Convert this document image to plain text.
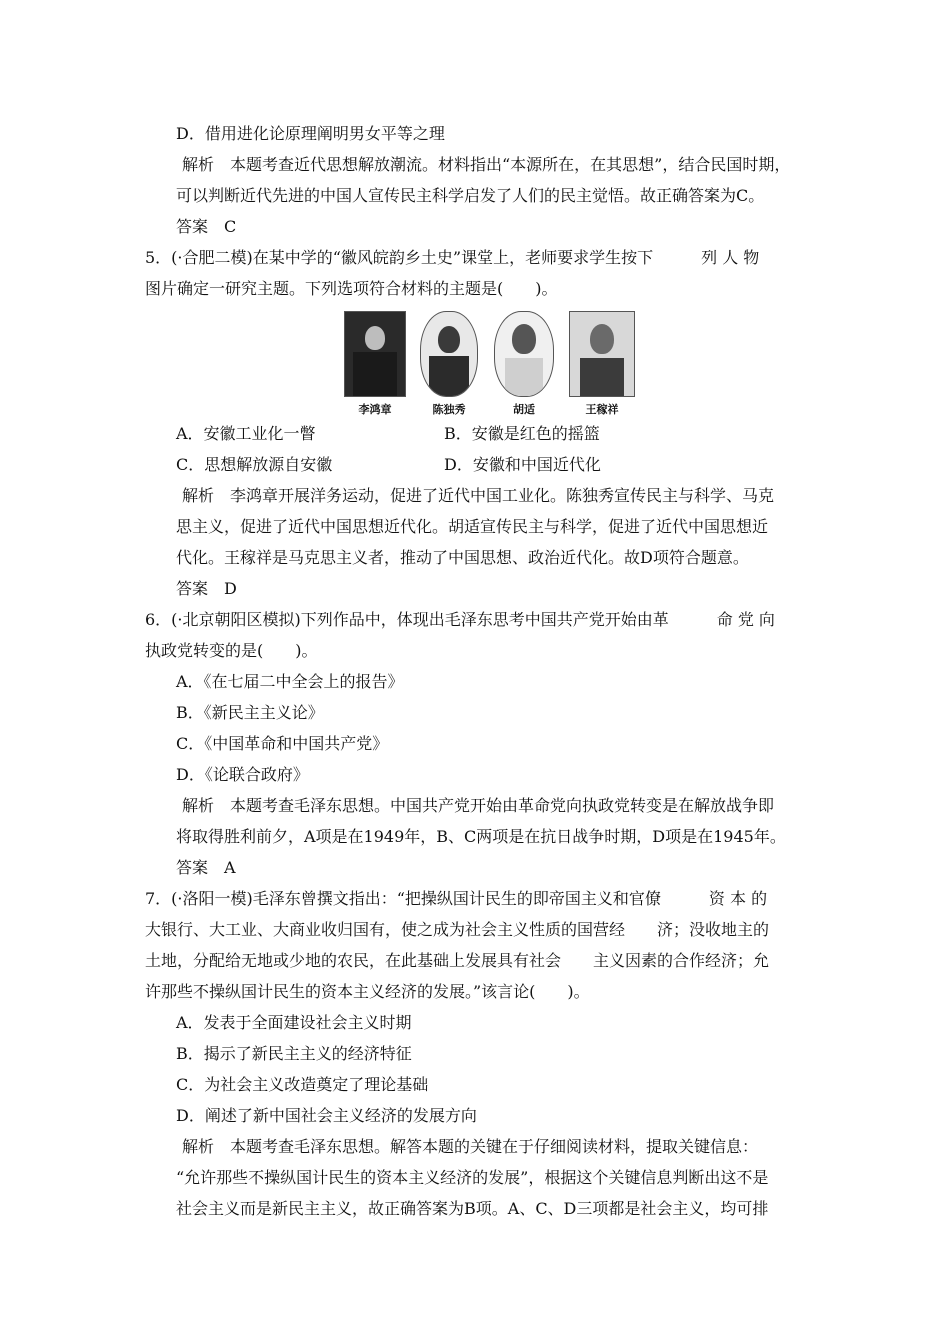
D．借用进化论原理阐明男女平等之理
解析　本题考查近代思想解放潮流。材料指出“本源所在，在其思想”，结合民国时期，
可以判断近代先进的中国人宣传民主科学启发了人们的民主觉悟。故正确答案为C。
答案　C
5．(·合肥二模)在某中学的“徽风皖韵乡土史”课堂上，老师要求学生按下　　　列 人 物
图片确定一研究主题。下列选项符合材料的主题是(　　)。
李鸿章	陈独秀	胡适	王稼祥
A．安徽工业化一瞥	B．安徽是红色的摇篮
C．思想解放源自安徽	D．安徽和中国近代化
解析　李鸿章开展洋务运动，促进了近代中国工业化。陈独秀宣传民主与科学、马克
思主义，促进了近代中国思想近代化。胡适宣传民主与科学，促进了近代中国思想近
代化。王稼祥是马克思主义者，推动了中国思想、政治近代化。故D项符合题意。
答案　D
6．(·北京朝阳区模拟)下列作品中，体现出毛泽东思考中国共产党开始由革　　　命 党 向
执政党转变的是(　　)。
A．《在七届二中全会上的报告》
B．《新民主主义论》
C．《中国革命和中国共产党》
D．《论联合政府》
解析　本题考查毛泽东思想。中国共产党开始由革命党向执政党转变是在解放战争即
将取得胜利前夕，A项是在1949年，B、C两项是在抗日战争时期，D项是在1945年。
答案　A
7．(·洛阳一模)毛泽东曾撰文指出：“把操纵国计民生的即帝国主义和官僚　　　资 本 的
大银行、大工业、大商业收归国有，使之成为社会主义性质的国营经　　济；没收地主的
土地，分配给无地或少地的农民，在此基础上发展具有社会　　主义因素的合作经济；允
许那些不操纵国计民生的资本主义经济的发展。”该言论(　　)。
A．发表于全面建设社会主义时期
B．揭示了新民主主义的经济特征
C．为社会主义改造奠定了理论基础
D．阐述了新中国社会主义经济的发展方向
解析　本题考查毛泽东思想。解答本题的关键在于仔细阅读材料，提取关键信息：
“允许那些不操纵国计民生的资本主义经济的发展”，根据这个关键信息判断出这不是
社会主义而是新民主主义，故正确答案为B项。A、C、D三项都是社会主义，均可排
